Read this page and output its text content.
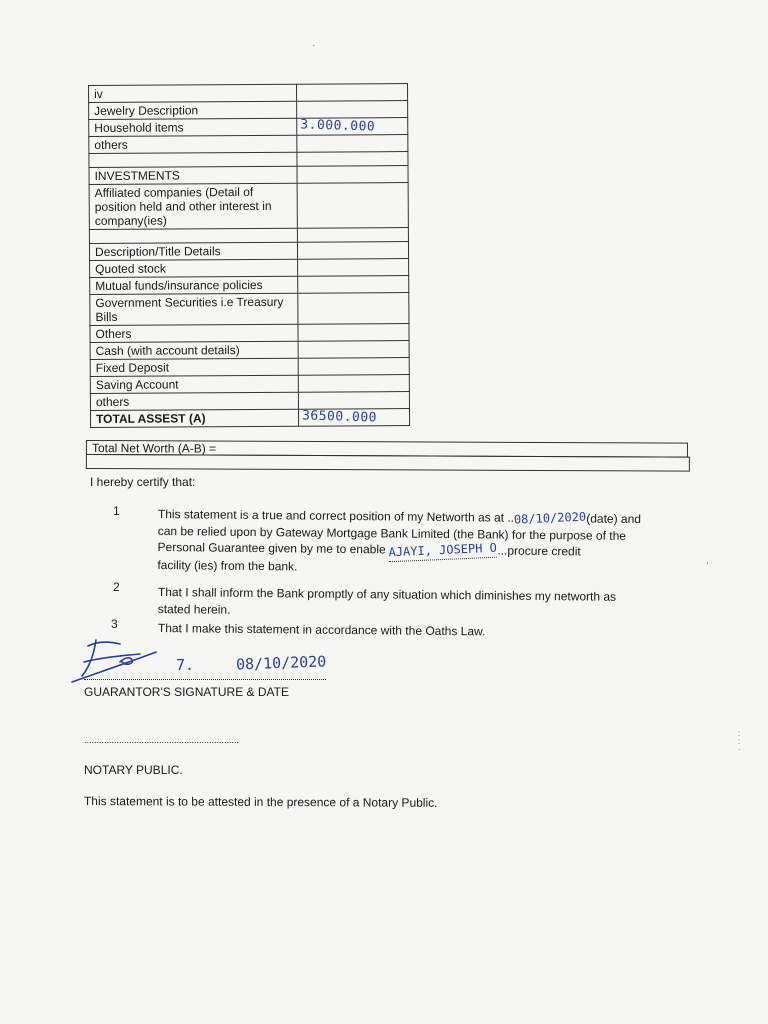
iv	
Jewelry Description	
Household items	3.000.000
others	

INVESTMENTS	
Affiliated companies (Detail of position held and other interest in company(ies)	

Description/Title Details	
Quoted stock	
Mutual funds/insurance policies	
Government Securities i.e Treasury Bills	
Others	
Cash (with account details)	
Fixed Deposit	
Saving Account	
others	
TOTAL ASSEST (A)	36500.000
Total Net Worth (A-B) =
I hereby certify that:
1	This statement is a true and correct position of my Networth as at ..08/10/2020(date) and
can be relied upon by Gateway Mortgage Bank Limited (the Bank) for the purpose of the
Personal Guarantee given by me to enable AJAYI, JOSEPH O...procure credit
facility (ies) from the bank.
2	That I shall inform the Bank promptly of any situation which diminishes my networth as
stated herein.
3	That I make this statement in accordance with the Oaths Law.
7.	08/10/2020
GUARANTOR'S SIGNATURE & DATE
..............................................................
NOTARY PUBLIC.
This statement is to be attested in the presence of a Notary Public.
·
,
:
:
·
